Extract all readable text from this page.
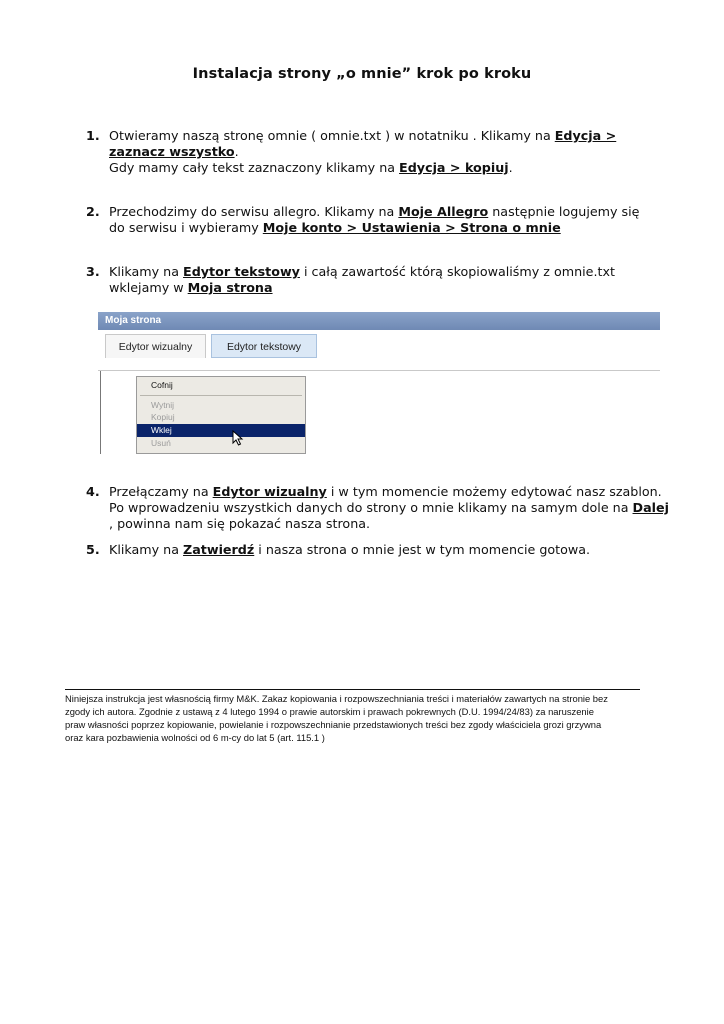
Instalacja strony „o mnie” krok po kroku
1. Otwieramy naszą stronę omnie ( omnie.txt ) w notatniku . Klikamy na Edycja > zaznacz wszystko.
Gdy mamy cały tekst zaznaczony klikamy na Edycja > kopiuj.
2. Przechodzimy do serwisu allegro. Klikamy na Moje Allegro następnie logujemy się do serwisu i wybieramy Moje konto > Ustawienia > Strona o mnie
3. Klikamy na Edytor tekstowy i całą zawartość którą skopiowaliśmy z omnie.txt wklejamy w Moja strona
4. Przełączamy na Edytor wizualny i w tym momencie możemy edytować nasz szablon. Po wprowadzeniu wszystkich danych do strony o mnie klikamy na samym dole na Dalej , powinna nam się pokazać nasza strona.
5. Klikamy na Zatwierdź i nasza strona o mnie jest w tym momencie gotowa.
Moja strona
Edytor wizualny	Edytor tekstowy
Cofnij
Wytnij
Kopiuj
Wklej
Usuń

Niniejsza instrukcja jest własnością firmy M&K. Zakaz kopiowania i rozpowszechniania treści i materiałów zawartych na stronie bez

zgody ich autora. Zgodnie z ustawą z 4 lutego 1994 o prawie autorskim i prawach pokrewnych (D.U. 1994/24/83) za naruszenie

praw własności poprzez kopiowanie, powielanie i rozpowszechnianie przedstawionych treści bez zgody właściciela grozi grzywna

oraz kara pozbawienia wolności od 6 m-cy do lat 5 (art. 115.1 )
